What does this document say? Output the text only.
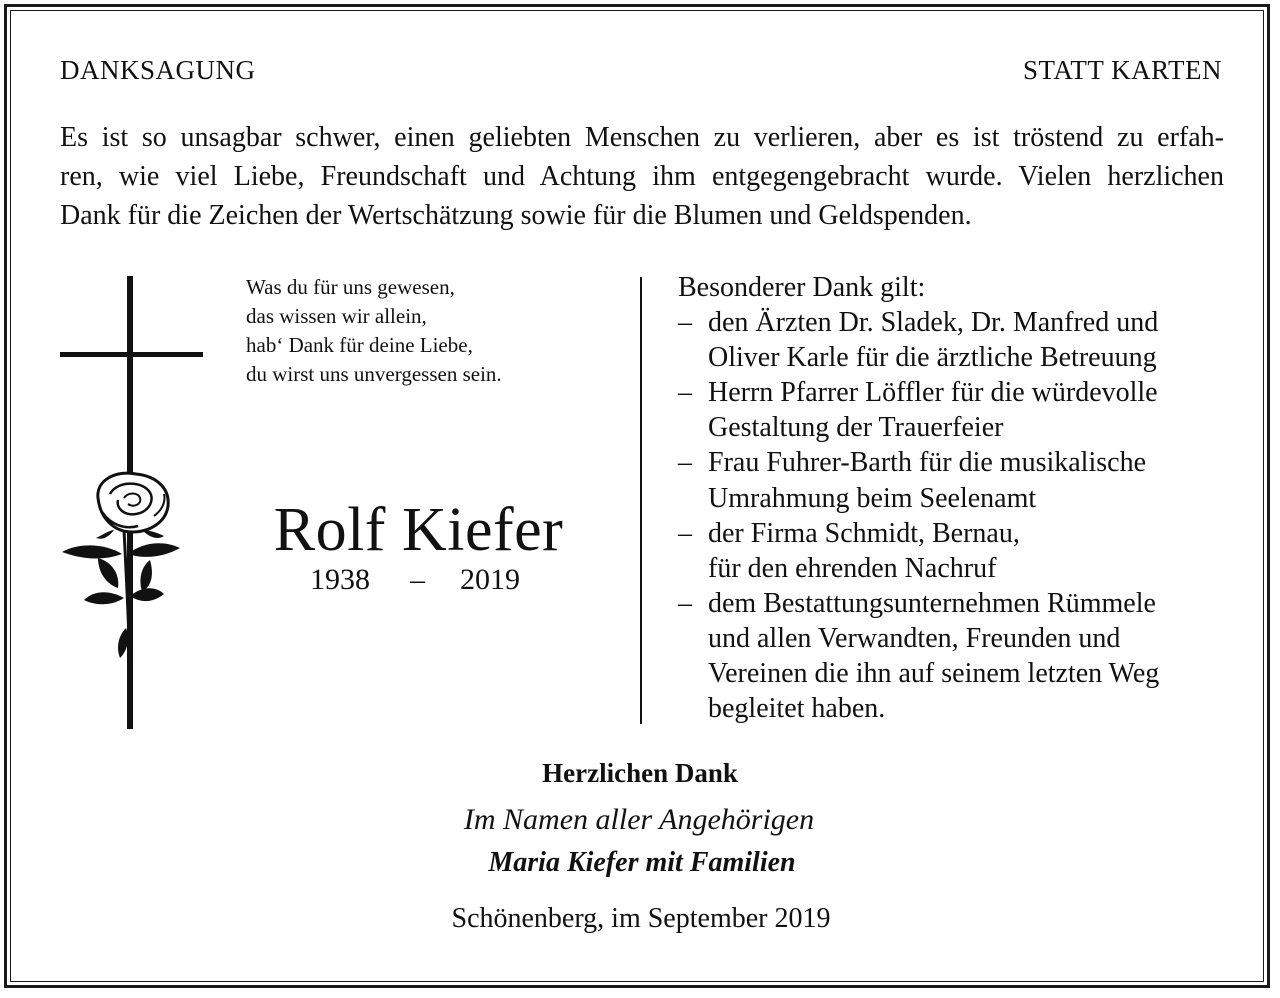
DANKSAGUNG	STATT KARTEN
Es ist so unsagbar schwer, einen geliebten Menschen zu verlieren, aber es ist tröstend zu erfah-
ren, wie viel Liebe, Freundschaft und Achtung ihm entgegengebracht wurde. Vielen herzlichen
Dank für die Zeichen der Wertschätzung sowie für die Blumen und Geldspenden.
Was du für uns gewesen,
das wissen wir allein,
hab‘ Dank für deine Liebe,
du wirst uns unvergessen sein.
Rolf Kiefer
1938 – 2019
Besonderer Dank gilt:
– den Ärzten Dr. Sladek, Dr. Manfred und
Oliver Karle für die ärztliche Betreuung
– Herrn Pfarrer Löffler für die würdevolle
Gestaltung der Trauerfeier
– Frau Fuhrer-Barth für die musikalische
Umrahmung beim Seelenamt
– der Firma Schmidt, Bernau,
für den ehrenden Nachruf
– dem Bestattungsunternehmen Rümmele
und allen Verwandten, Freunden und
Vereinen die ihn auf seinem letzten Weg
begleitet haben.
Herzlichen Dank
Im Namen aller Angehörigen
Maria Kiefer mit Familien
Schönenberg, im September 2019
